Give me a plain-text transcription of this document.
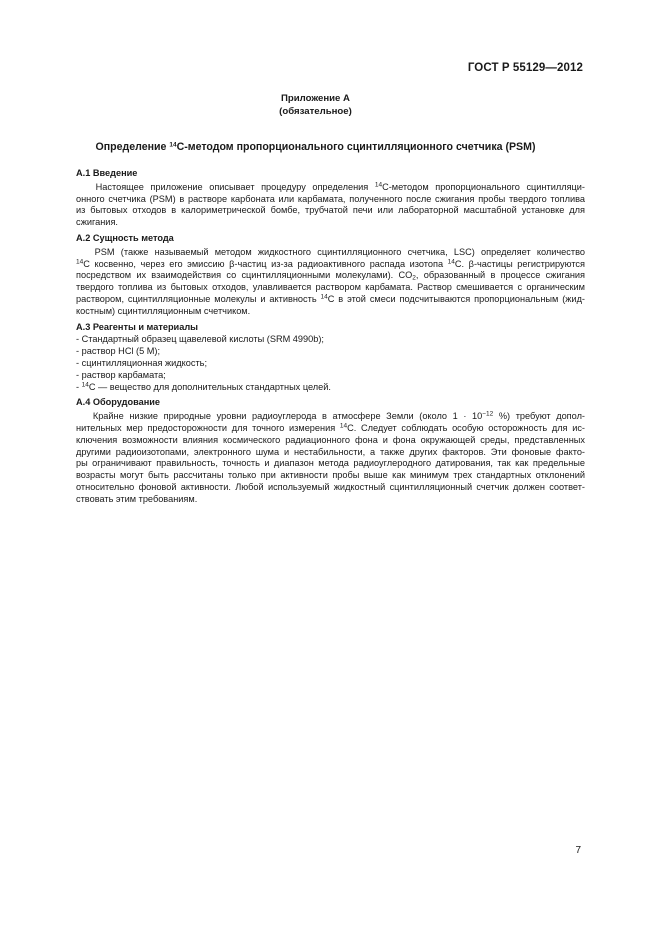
ГОСТ Р 55129—2012
Приложение А
(обязательное)
Определение $^{14}$С-методом пропорционального сцинтилляционного счетчика (PSM)

А.1 Введение

Настоящее приложение описывает процедуру определения $^{14}$С-методом пропорционального сцинтилляци-
онного счетчика (PSM) в растворе карбоната или карбамата, полученного после сжигания пробы твердого топлива
из бытовых отходов в калориметрической бомбе, трубчатой печи или лабораторной масштабной установке для
сжигания.

А.2 Сущность метода

PSM (также называемый методом жидкостного сцинтилляционного счетчика, LSC) определяет количество
$^{14}$С косвенно, через его эмиссию β-частиц из-за радиоактивного распада изотопа $^{14}$С. β-частицы регистрируются
посредством их взаимодействия со сцинтилляционными молекулами). $CO_2$, образованный в процессе сжигания
твердого топлива из бытовых отходов, улавливается раствором карбамата. Раствор смешивается с органическим
раствором, сцинтилляционные молекулы и активность $^{14}$С в этой смеси подсчитываются пропорциональным (жид-
костным) сцинтилляционным счетчиком.

А.3 Реагенты и материалы

- Стандартный образец щавелевой кислоты (SRM 4990b);
- раствор HCl (5 М);
- сцинтилляционная жидкость;
- раствор карбамата;
- $^{14}$С — вещество для дополнительных стандартных целей.

А.4 Оборудование

Крайне низкие природные уровни радиоуглерода в атмосфере Земли (около $1 \cdot 10^{-12}$ %) требуют допол-
нительных мер предосторожности для точного измерения $^{14}$С. Следует соблюдать особую осторожность для ис-
ключения возможности влияния космического радиационного фона и фона окружающей среды, представленных
другими радиоизотопами, электронного шума и нестабильности, а также других факторов. Эти фоновые факто-
ры ограничивают правильность, точность и диапазон метода радиоуглеродного датирования, так как предельные
возрасты могут быть рассчитаны только при активности пробы выше как минимум трех стандартных отклонений
относительно фоновой активности. Любой используемый жидкостный сцинтилляционный счетчик должен соответ-
ствовать этим требованиям.
7
